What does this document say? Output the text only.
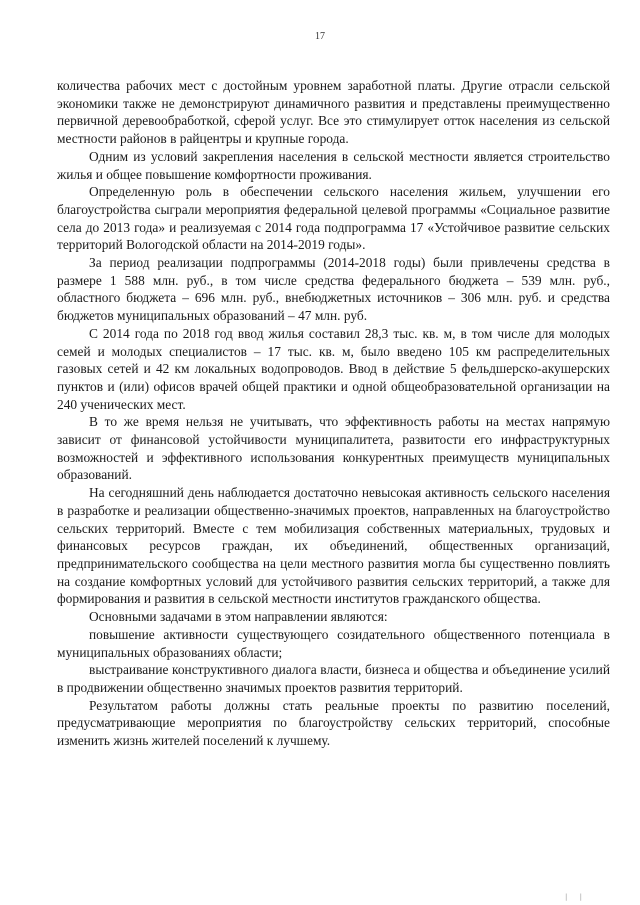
17

количества рабочих мест с достойным уровнем заработной платы. Другие отрасли сельской экономики также не демонстрируют динамичного развития и представлены преимущественно первичной деревообработкой, сферой услуг. Все это стимулирует отток населения из сельской местности районов в райцентры и крупные города.

Одним из условий закрепления населения в сельской местности является строительство жилья и общее повышение комфортности проживания.

Определенную роль в обеспечении сельского населения жильем, улучшении его благоустройства сыграли мероприятия федеральной целевой программы «Социальное развитие села до 2013 года» и реализуемая с 2014 года подпрограмма 17 «Устойчивое развитие сельских территорий Вологодской области на 2014-2019 годы».

За период реализации подпрограммы (2014-2018 годы) были привлечены средства в размере 1 588 млн. руб., в том числе средства федерального бюджета – 539 млн. руб., областного бюджета – 696 млн. руб., внебюджетных источников – 306 млн. руб. и средства бюджетов муниципальных образований – 47 млн. руб.

С 2014 года по 2018 год ввод жилья составил 28,3 тыс. кв. м, в том числе для молодых семей и молодых специалистов – 17 тыс. кв. м, было введено 105 км распределительных газовых сетей и 42 км локальных водопроводов. Ввод в действие 5 фельдшерско-акушерских пунктов и (или) офисов врачей общей практики и одной общеобразовательной организации на 240 ученических мест.

В то же время нельзя не учитывать, что эффективность работы на местах напрямую зависит от финансовой устойчивости муниципалитета, развитости его инфраструктурных возможностей и эффективного использования конкурентных преимуществ муниципальных образований.

На сегодняшний день наблюдается достаточно невысокая активность сельского населения в разработке и реализации общественно-значимых проектов, направленных на благоустройство сельских территорий. Вместе с тем мобилизация собственных материальных, трудовых и финансовых ресурсов граждан, их объединений, общественных организаций, предпринимательского сообщества на цели местного развития могла бы существенно повлиять на создание комфортных условий для устойчивого развития сельских территорий, а также для формирования и развития в сельской местности институтов гражданского общества.

Основными задачами в этом направлении являются:

повышение активности существующего созидательного общественного потенциала в муниципальных образованиях области;

выстраивание конструктивного диалога власти, бизнеса и общества и объединение усилий в продвижении общественно значимых проектов развития территорий.

Результатом работы должны стать реальные проекты по развитию поселений, предусматривающие мероприятия по благоустройству сельских территорий, способные изменить жизнь жителей поселений к лучшему.

| |
